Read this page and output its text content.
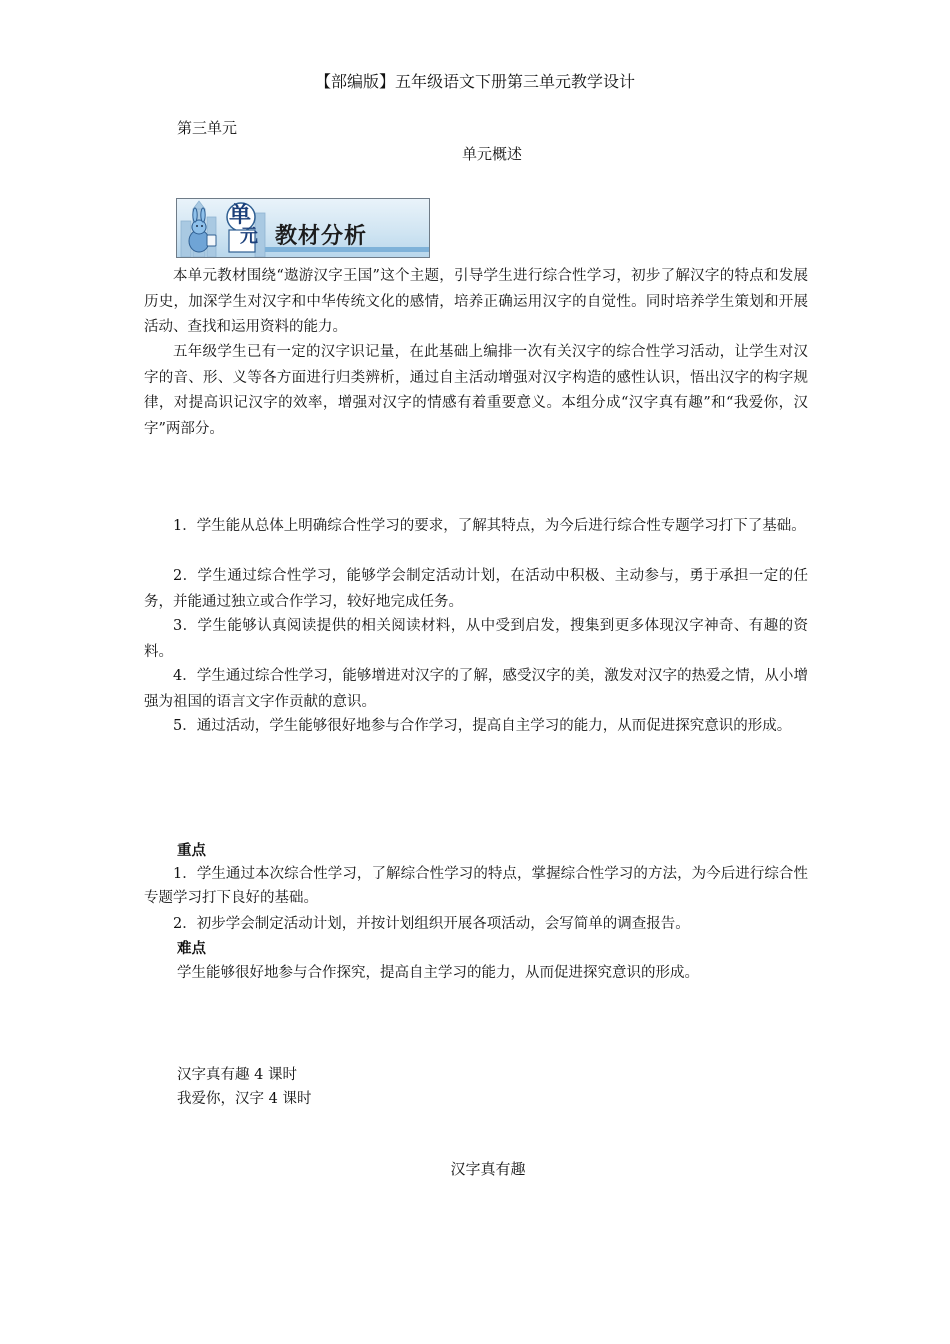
【部编版】五年级语文下册第三单元教学设计
第三单元
单元概述
单
元 教材分析

本单元教材围绕“遨游汉字王国”这个主题，引导学生进行综合性学习，初步了解汉字的特点和发展历史，加深学生对汉字和中华传统文化的感情，培养正确运用汉字的自觉性。同时培养学生策划和开展活动、查找和运用资料的能力。

五年级学生已有一定的汉字识记量，在此基础上编排一次有关汉字的综合性学习活动，让学生对汉字的音、形、义等各方面进行归类辨析，通过自主活动增强对汉字构造的感性认识，悟出汉字的构字规律，对提高识记汉字的效率，增强对汉字的情感有着重要意义。本组分成“汉字真有趣”和“我爱你，汉字”两部分。

1．学生能从总体上明确综合性学习的要求，了解其特点，为今后进行综合性专题学习打下了基础。

2．学生通过综合性学习，能够学会制定活动计划，在活动中积极、主动参与，勇于承担一定的任务，并能通过独立或合作学习，较好地完成任务。

3．学生能够认真阅读提供的相关阅读材料，从中受到启发，搜集到更多体现汉字神奇、有趣的资料。

4．学生通过综合性学习，能够增进对汉字的了解，感受汉字的美，激发对汉字的热爱之情，从小增强为祖国的语言文字作贡献的意识。

5．通过活动，学生能够很好地参与合作学习，提高自主学习的能力，从而促进探究意识的形成。

重点

1．学生通过本次综合性学习，了解综合性学习的特点，掌握综合性学习的方法，为今后进行综合性专题学习打下良好的基础。

2．初步学会制定活动计划，并按计划组织开展各项活动，会写简单的调查报告。

难点

学生能够很好地参与合作探究，提高自主学习的能力，从而促进探究意识的形成。

汉字真有趣 4 课时
我爱你，汉字 4 课时
汉字真有趣
